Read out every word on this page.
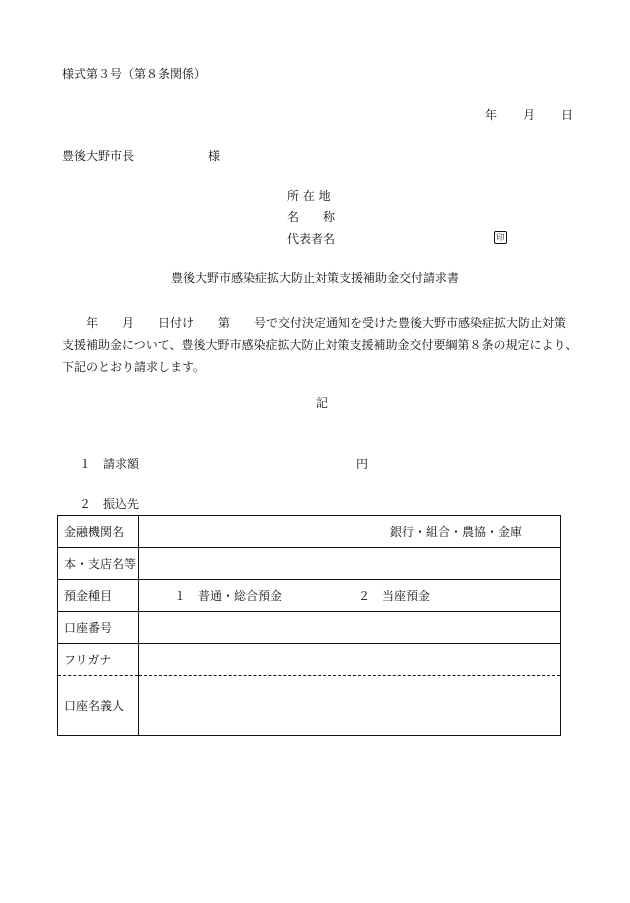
様式第３号（第８条関係）
年 月 日
豊後大野市長	様
所 在 地
名　　称
代表者名	印
豊後大野市感染症拡大防止対策支援補助金交付請求書

　　年　　月　　日付け　　第　　号で交付決定通知を受けた豊後大野市感染症拡大防止対策

支援補助金について、豊後大野市感染症拡大防止対策支援補助金交付要綱第８条の規定により、

下記のとおり請求します。

記
１ 請求額	円
２ 振込先
金融機関名	銀行・組合・農協・金庫
本・支店名等	
預金種目	１　普通・総合預金 ２　当座預金
口座番号	
フリガナ	
口座名義人	
